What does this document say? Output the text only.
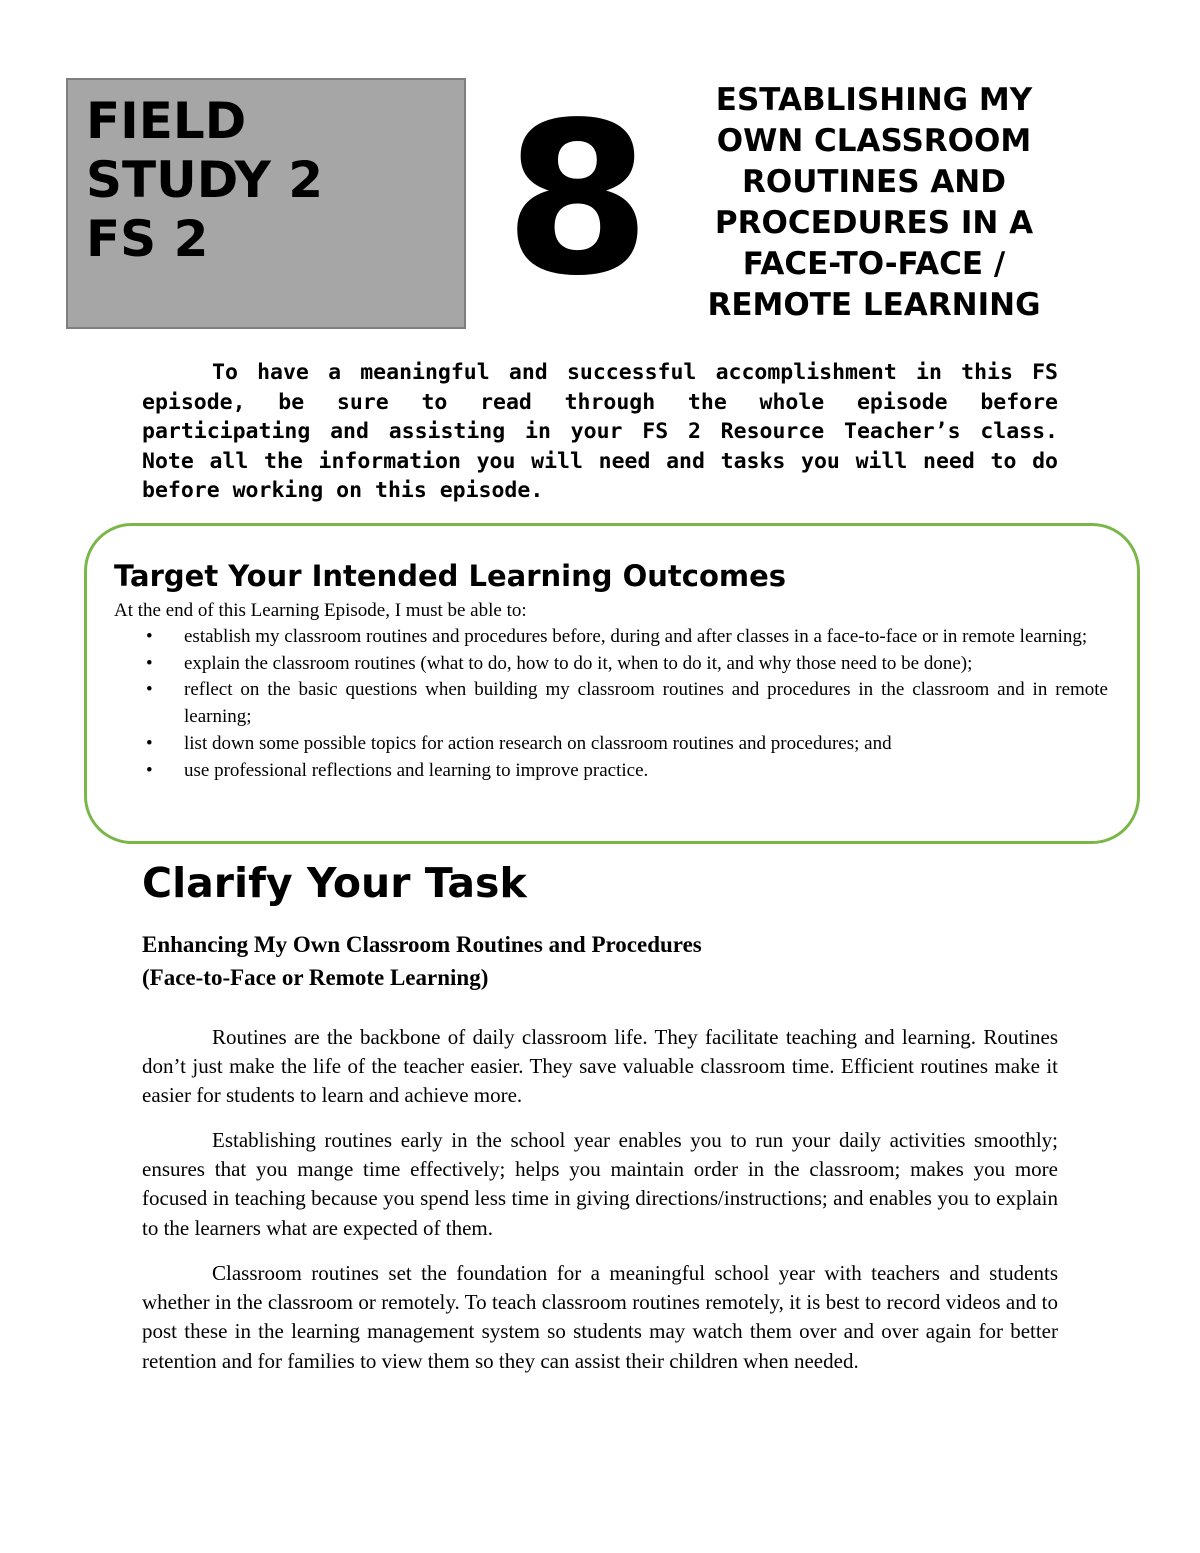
FIELD
STUDY 2
FS 2	8	ESTABLISHING MY
OWN CLASSROOM
ROUTINES AND
PROCEDURES IN A
FACE-TO-FACE /
REMOTE LEARNING

To have a meaningful and successful accomplishment in this FS episode, be sure to read through the whole episode before participating and assisting in your FS 2 Resource Teacher’s class. Note all the information you will need and tasks you will need to do before working on this episode.

Target Your Intended Learning Outcomes

At the end of this Learning Episode, I must be able to:

• establish my classroom routines and procedures before, during and after classes in a face-to-face or in remote learning;
• explain the classroom routines (what to do, how to do it, when to do it, and why those need to be done);
• reflect on the basic questions when building my classroom routines and procedures in the classroom and in remote learning;
• list down some possible topics for action research on classroom routines and procedures; and
• use professional reflections and learning to improve practice.
Clarify Your Task
Enhancing My Own Classroom Routines and Procedures
(Face-to-Face or Remote Learning)

Routines are the backbone of daily classroom life. They facilitate teaching and learning. Routines don’t just make the life of the teacher easier. They save valuable classroom time. Efficient routines make it easier for students to learn and achieve more.

Establishing routines early in the school year enables you to run your daily activities smoothly; ensures that you mange time effectively; helps you maintain order in the classroom; makes you more focused in teaching because you spend less time in giving directions/instructions; and enables you to explain to the learners what are expected of them.

Classroom routines set the foundation for a meaningful school year with teachers and students whether in the classroom or remotely. To teach classroom routines remotely, it is best to record videos and to post these in the learning management system so students may watch them over and over again for better retention and for families to view them so they can assist their children when needed.
